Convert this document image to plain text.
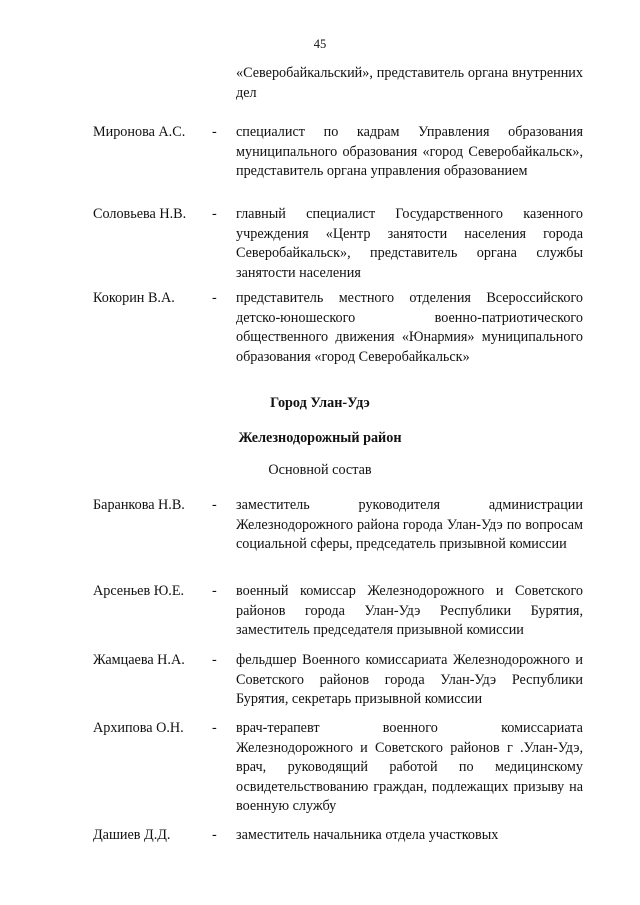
45

«Северобайкальский», представитель органа внутренних дел

Миронова А.С. - специалист по кадрам Управления образования муниципального образования «город Северобайкальск», представитель органа управления образованием

Соловьева Н.В. - главный специалист Государственного казенного учреждения «Центр занятости населения города Северобайкальск», представитель органа службы занятости населения

Кокорин В.А.	- представитель местного отделения Всероссийского детско-юношеского военно-патриотического общественного движения «Юнармия» муниципального образования «город Северобайкальск»

Город Улан-Удэ
Железнодорожный район
Основной состав
Баранкова Н.В. - заместитель руководителя администрации Железнодорожного района города Улан-Удэ по вопросам социальной сферы, председатель призывной комиссии

Арсеньев Ю.Е. - военный комиссар Железнодорожного и Советского районов города Улан-Удэ Республики Бурятия, заместитель председателя призывной комиссии

Жамцаева Н.А. - фельдшер Военного комиссариата Железнодорожного и Советского районов города Улан-Удэ Республики Бурятия, секретарь призывной комиссии

Архипова О.Н. - врач-терапевт военного комиссариата Железнодорожного и Советского районов г .Улан-Удэ, врач, руководящий работой по медицинскому освидетельствованию граждан, подлежащих призыву на военную службу

Дашиев Д.Д.	- заместитель начальника отдела участковых
